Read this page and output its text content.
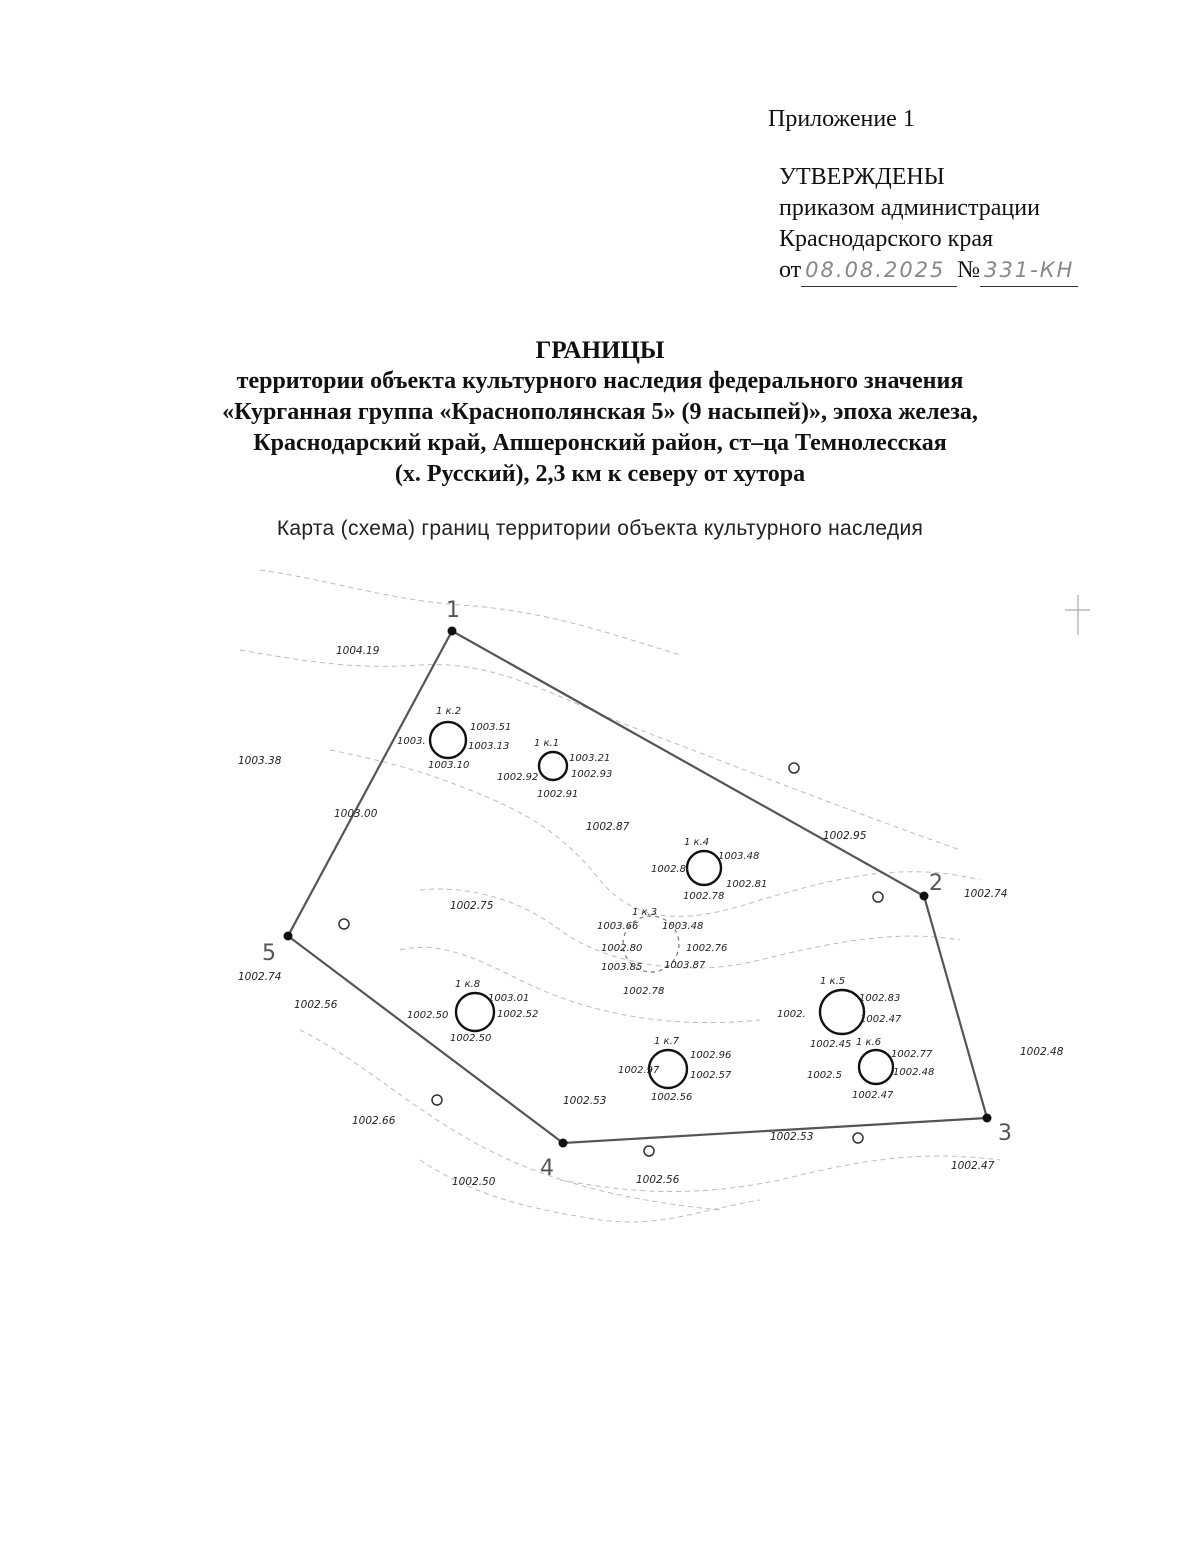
Приложение 1
УТВЕРЖДЕНЫ
приказом администрации
Краснодарского края
от 08.08.2025 № 331-КН
ГРАНИЦЫ
территории объекта культурного наследия федерального значения
«Курганная группа «Краснополянская 5» (9 насыпей)», эпоха железа,
Краснодарский край, Апшеронский район, ст–ца Темнолесская
(х. Русский), 2,3 км к северу от хутора
Карта (схема) границ территории объекта культурного наследия
1
2
3
4
5
1 к.2
1003.51
1003.13
1003.10
1003.	1 к.1
1003.21
1002.93
1002.91
1002.92
1 к.4
1003.48
1002.81
1002.78
1002.8
1 к.3
1003.66 1003.48
1002.80	1002.76
1003.85 1003.87
1002.78
1 к.8
1003.01
1002.52
1002.50
1002.50
1 к.7
1002.96
1002.57
1002.56
1002.97
1 к.5
1002.83
1002.47
1002.45
1002.
1 к.6
1002.77
1002.48
1002.47
1002.5
1004.19
1003.38
1003.00
1002.87
1002.95
1002.74
1002.75
1002.74
1002.56
1002.66
1002.53
1002.53
1002.50	1002.56
1002.47
1002.48
